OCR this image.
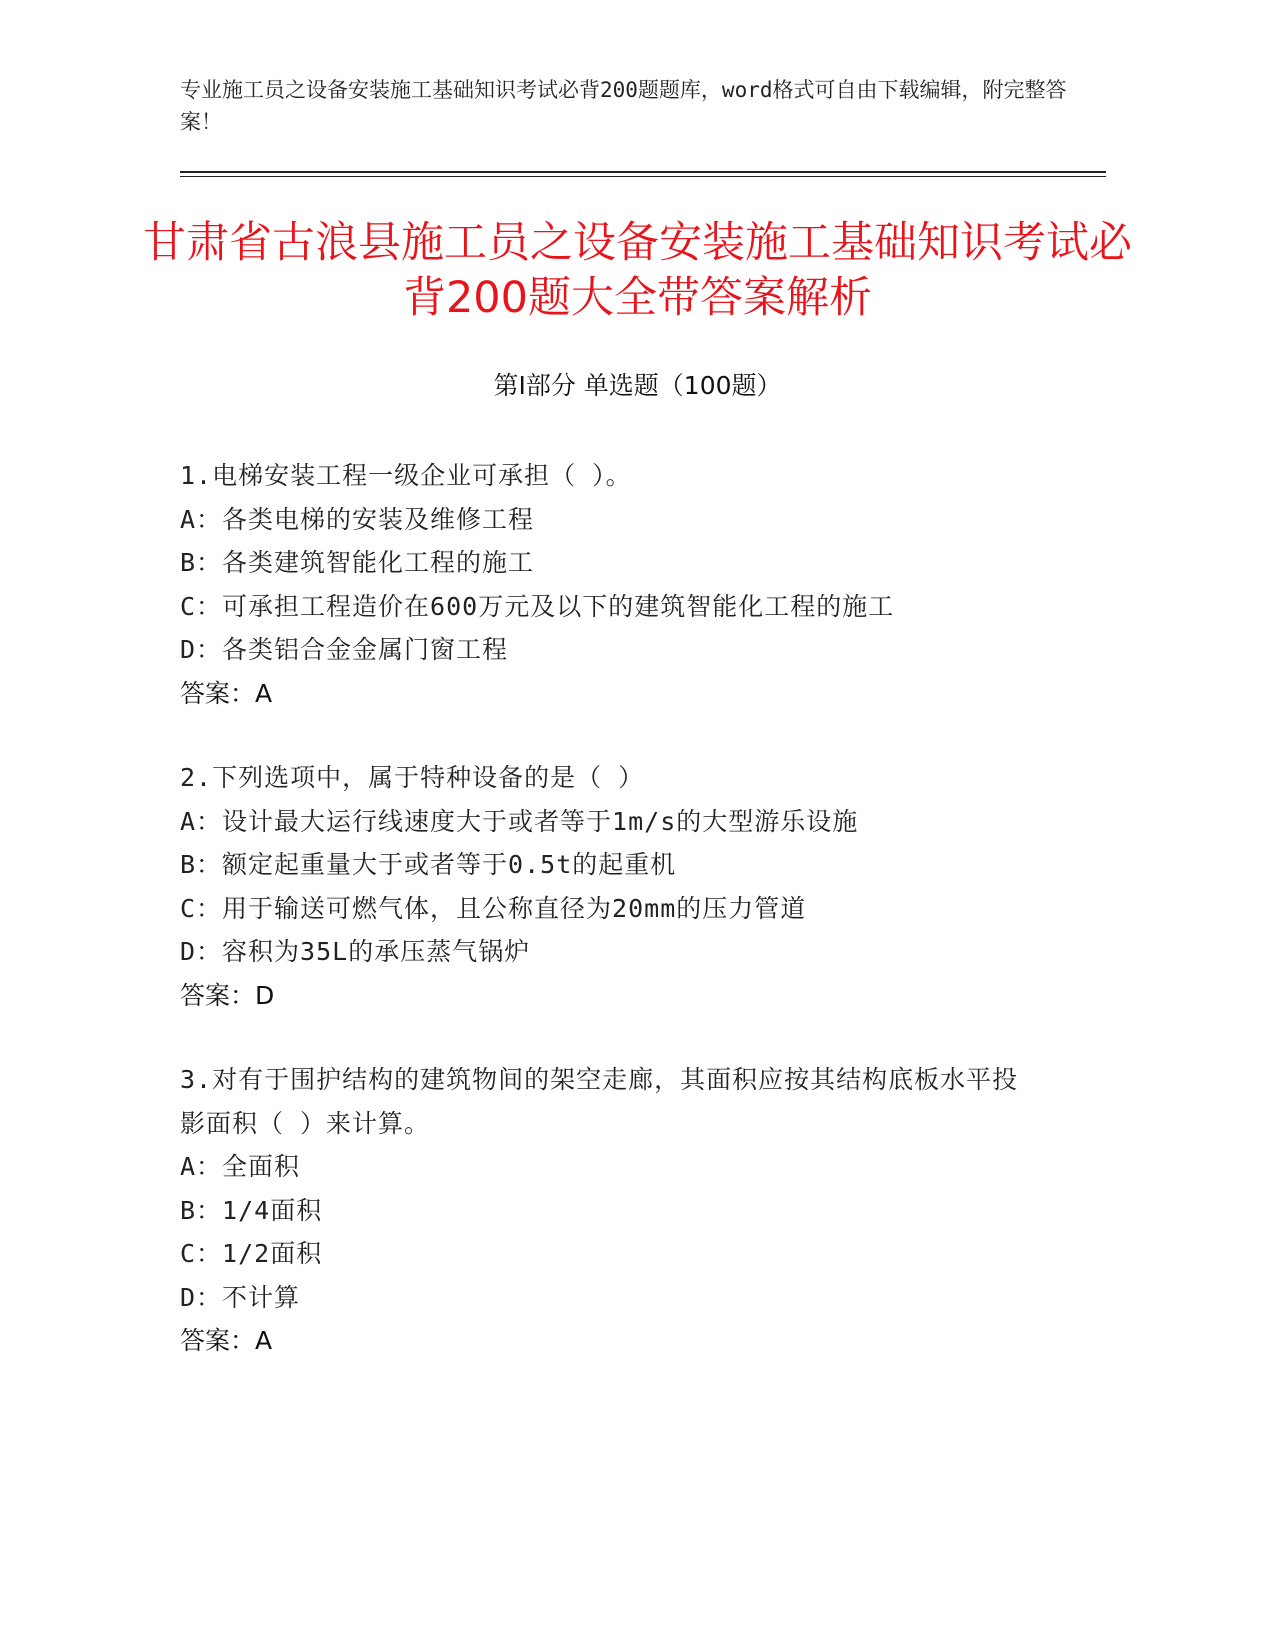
专业施工员之设备安装施工基础知识考试必背200题题库，word格式可自由下载编辑，附完整答案！
甘肃省古浪县施工员之设备安装施工基础知识考试必背200题大全带答案解析
第I部分 单选题（100题）
1.电梯安装工程一级企业可承担（ ）。
A：各类电梯的安装及维修工程
B：各类建筑智能化工程的施工
C：可承担工程造价在600万元及以下的建筑智能化工程的施工
D：各类铝合金金属门窗工程
答案：A
2.下列选项中，属于特种设备的是（ ）
A：设计最大运行线速度大于或者等于1m/s的大型游乐设施
B：额定起重量大于或者等于0.5t的起重机
C：用于输送可燃气体，且公称直径为20mm的压力管道
D：容积为35L的承压蒸气锅炉
答案：D
3.对有于围护结构的建筑物间的架空走廊，其面积应按其结构底板水平投影面积（ ）来计算。
A：全面积
B：1/4面积
C：1/2面积
D：不计算
答案：A
